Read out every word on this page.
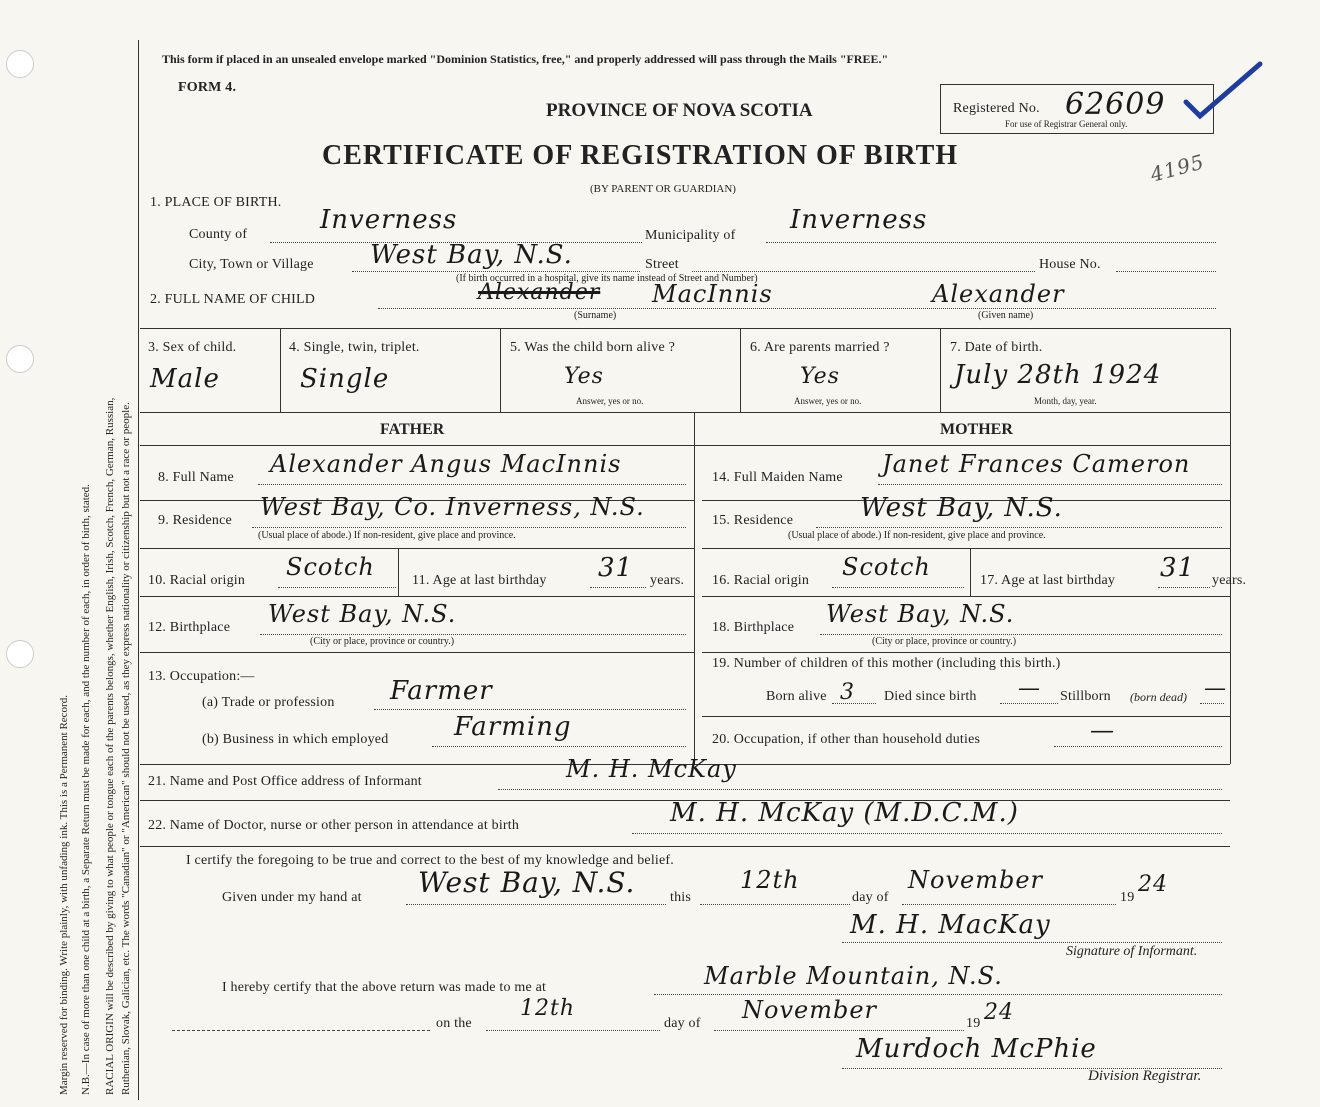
Margin reserved for binding. Write plainly, with unfading ink. This is a Permanent Record. N.B.—In case of more than one child at a birth, a Separate Return must be made for each, and the number of each, in order of birth, stated. RACIAL ORIGIN will be described by giving to what people or tongue each of the parents belongs, whether English, Irish, Scotch, French, German, Russian, Ruthenian, Slovak, Galician, etc. The words "Canadian" or "American" should not be used, as they express nationality or citizenship but not a race or people.
This form if placed in an unsealed envelope marked "Dominion Statistics, free," and properly addressed will pass through the Mails "FREE."
FORM 4.
PROVINCE OF NOVA SCOTIA
CERTIFICATE OF REGISTRATION OF BIRTH
(BY PARENT OR GUARDIAN)
Registered No. 62609
For use of Registrar General only.
4195
1. PLACE OF BIRTH.
County of	Inverness
Municipality of
Inverness
City, Town or Village West Bay, N.S.	Street	House No.
(If birth occurred in a hospital, give its name instead of Street and Number)
2. FULL NAME OF CHILD	Alexander MacInnis	Alexander
(Surname)	(Given name)
3. Sex of child.
Male
4. Single, twin, triplet.
Single
5. Was the child born alive ?
Yes
Answer, yes or no.
6. Are parents married ?
Yes
Answer, yes or no.
7. Date of birth.
July 28th 1924
Month, day, year.
FATHER	MOTHER
8. Full Name Alexander Angus MacInnis
9. Residence West Bay, Co. Inverness, N.S.
(Usual place of abode.) If non-resident, give place and province.
10. Racial origin Scotch	11. Age at last birthday 31 years.
12. Birthplace West Bay, N.S.
(City or place, province or country.)
13. Occupation:—
(a) Trade or profession Farmer
(b) Business in which employed	Farming
14. Full Maiden Name Janet Frances Cameron
15. Residence	West Bay, N.S.
(Usual place of abode.) If non-resident, give place and province.
16. Racial origin Scotch	17. Age at last birthday 31 years.
18. Birthplace West Bay, N.S.
(City or place, province or country.)
19. Number of children of this mother (including this birth.)
Born alive 3 Died since birth — Stillborn (born dead) —
20. Occupation, if other than household duties	—
21. Name and Post Office address of Informant	M. H. McKay
22. Name of Doctor, nurse or other person in attendance at birth	M. H. McKay (M.D.C.M.)
I certify the foregoing to be true and correct to the best of my knowledge and belief.
Given under my hand at West Bay, N.S. this
12th
day of
November
19
24
M. H. MacKay
Signature of Informant.
I hereby certify that the above return was made to me at	Marble Mountain, N.S.
on the
12th
day of November	19 24
Murdoch McPhie
Division Registrar.
